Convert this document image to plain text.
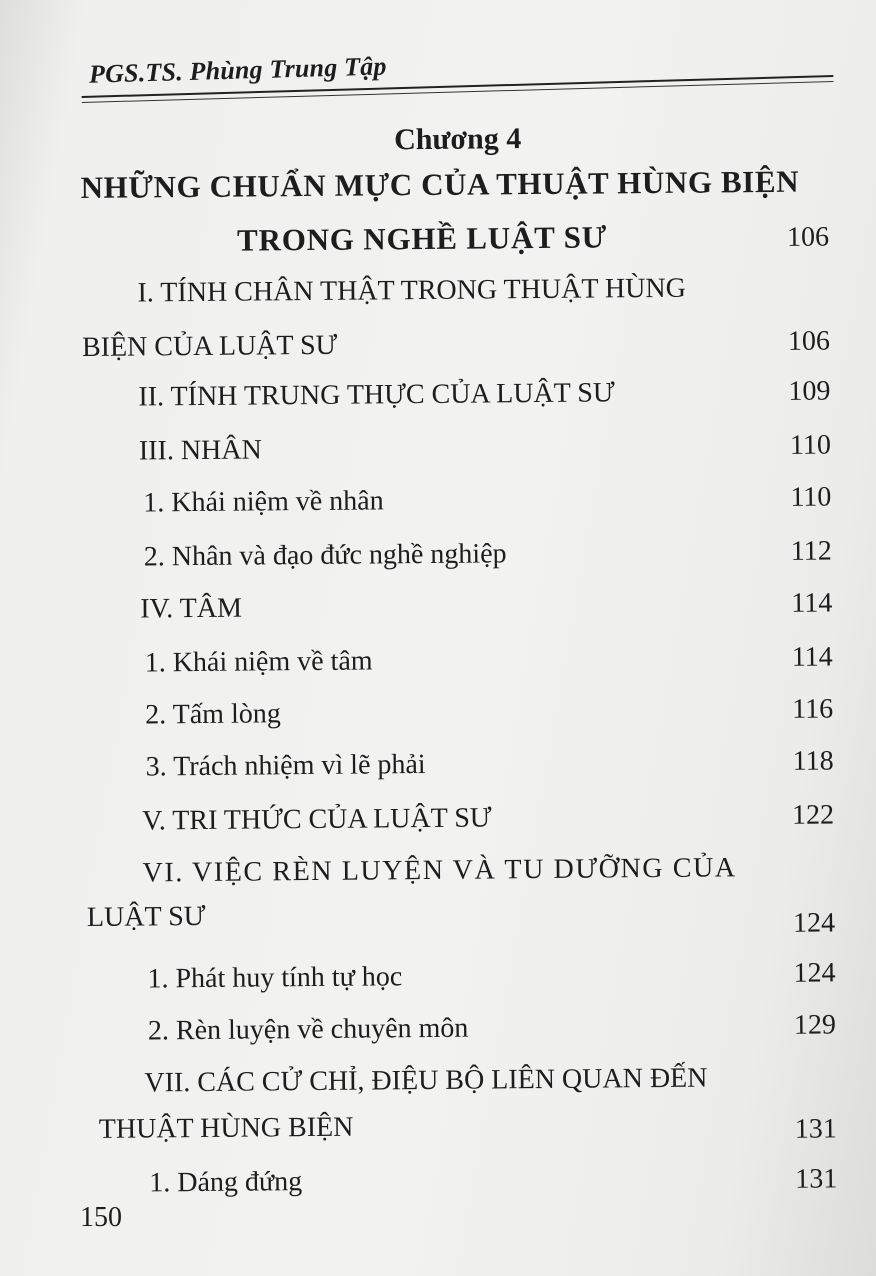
PGS.TS. Phùng Trung Tập
Chương 4
NHỮNG CHUẨN MỰC CỦA THUẬT HÙNG BIỆN
TRONG NGHỀ LUẬT SƯ	106
I. TÍNH CHÂN THẬT TRONG THUẬT HÙNG
BIỆN CỦA LUẬT SƯ	106
II. TÍNH TRUNG THỰC CỦA LUẬT SƯ	109
III. NHÂN	110
1. Khái niệm về nhân	110
2. Nhân và đạo đức nghề nghiệp	112
IV. TÂM	114
1. Khái niệm về tâm	114
2. Tấm lòng	116
3. Trách nhiệm vì lẽ phải	118
V. TRI THỨC CỦA LUẬT SƯ	122
VI. VIỆC RÈN LUYỆN VÀ TU DƯỠNG CỦA
LUẬT SƯ	124
1. Phát huy tính tự học	124
2. Rèn luyện về chuyên môn	129
VII. CÁC CỬ CHỈ, ĐIỆU BỘ LIÊN QUAN ĐẾN
THUẬT HÙNG BIỆN	131
1. Dáng đứng	131
150
